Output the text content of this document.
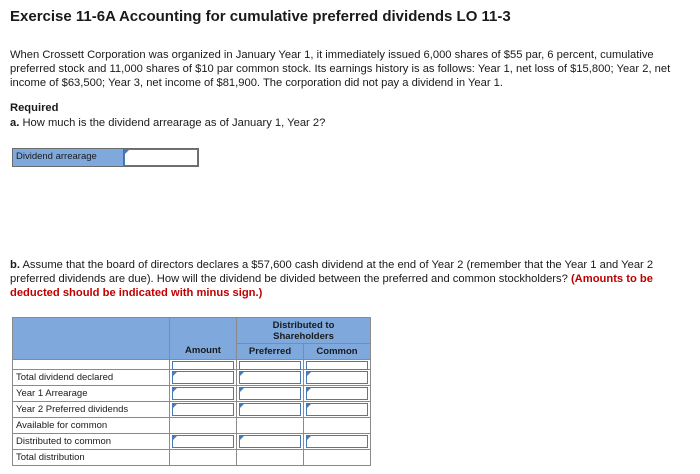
Exercise 11-6A Accounting for cumulative preferred dividends LO 11-3
When Crossett Corporation was organized in January Year 1, it immediately issued 6,000 shares of $55 par, 6 percent, cumulative preferred stock and 11,000 shares of $10 par common stock. Its earnings history is as follows: Year 1, net loss of $15,800; Year 2, net income of $63,500; Year 3, net income of $81,900. The corporation did not pay a dividend in Year 1.
Required
a. How much is the dividend arrearage as of January 1, Year 2?
Dividend arrearage
b. Assume that the board of directors declares a $57,600 cash dividend at the end of Year 2 (remember that the Year 1 and Year 2 preferred dividends are due). How will the dividend be divided between the preferred and common stockholders? (Amounts to be deducted should be indicated with minus sign.)

	Amount	Distributed to Shareholders	
		Preferred	Common

Total dividend declared	

Year 1 Arrearage	

Year 2 Preferred dividends	

Available for common			
Distributed to common	

Total distribution			
